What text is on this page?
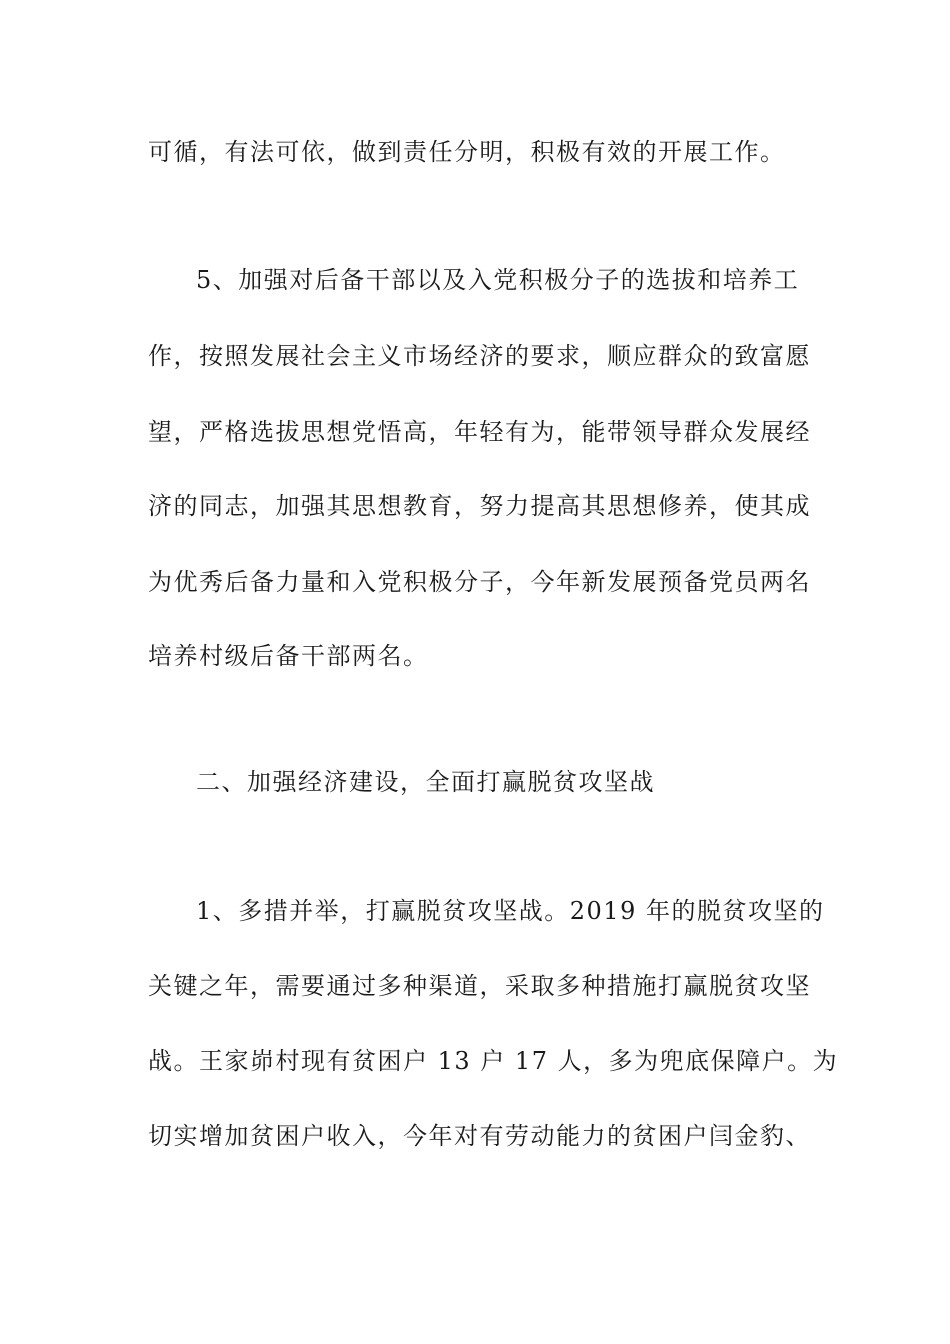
可循，有法可依，做到责任分明，积极有效的开展工作。
5、加强对后备干部以及入党积极分子的选拔和培养工
作，按照发展社会主义市场经济的要求，顺应群众的致富愿
望，严格选拔思想党悟高，年轻有为，能带领导群众发展经
济的同志，加强其思想教育，努力提高其思想修养，使其成
为优秀后备力量和入党积极分子，今年新发展预备党员两名
培养村级后备干部两名。
二、加强经济建设，全面打赢脱贫攻坚战
1、多措并举，打赢脱贫攻坚战。2019 年的脱贫攻坚的
关键之年，需要通过多种渠道，采取多种措施打赢脱贫攻坚
战。王家峁村现有贫困户 13 户 17 人，多为兜底保障户。为
切实增加贫困户收入，今年对有劳动能力的贫困户闫金豹、
